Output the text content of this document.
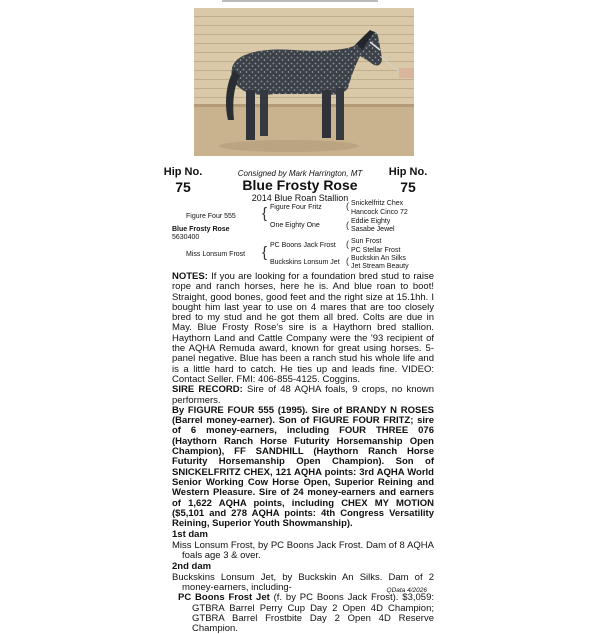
Hip No.
75
Hip No.
75
Consigned by Mark Harrington, MT
Blue Frosty Rose
2014 Blue Roan Stallion
Figure Four 555
Blue Frosty Rose
5630400
Miss Lonsum Frost
{
{
Figure Four Fritz
One Eighty One
PC Boons Jack Frost
Buckskins Lonsum Jet
(
(
(
(
Snickelfritz Chex
Hancock Cinco 72
Eddie Eighty
Sasabe Jewel
Sun Frost
PC Stellar Frost
Buckskin An Silks
Jet Stream Beauty

NOTES: If you are looking for a foundation bred stud to raise rope and ranch horses, here he is. And blue roan to boot! Straight, good bones, good feet and the right size at 15.1hh. I bought him last year to use on 4 mares that are too closely bred to my stud and he got them all bred. Colts are due in May. Blue Frosty Rose's sire is a Haythorn bred stallion. Haythorn Land and Cattle Company were the '93 recipient of the AQHA Remuda award, known for great using horses. 5-panel negative. Blue has been a ranch stud his whole life and is a little hard to catch. He ties up and leads fine. VIDEO: Contact Seller. FMI: 406-855-4125. Coggins.

SIRE RECORD: Sire of 48 AQHA foals, 9 crops, no known performers.

By FIGURE FOUR 555 (1995). Sire of BRANDY N ROSES (Barrel money-earner). Son of FIGURE FOUR FRITZ; sire of 6 money-earners, including FOUR THREE 076 (Haythorn Ranch Horse Futurity Horsemanship Open Champion), FF SANDHILL (Haythorn Ranch Horse Futurity Horsemanship Open Champion). Son of SNICKELFRITZ CHEX, 121 AQHA points: 3rd AQHA World Senior Working Cow Horse Open, Superior Reining and Western Pleasure. Sire of 24 money-earners and earners of 1,622 AQHA points, including CHEX MY MOTION ($5,101 and 278 AQHA points: 4th Congress Versatility Reining, Superior Youth Showmanship).

1st dam

Miss Lonsum Frost, by PC Boons Jack Frost. Dam of 8 AQHA foals age 3 & over.

2nd dam

Buckskins Lonsum Jet, by Buckskin An Silks. Dam of 2 money-earners, including-

PC Boons Frost Jet (f. by PC Boons Jack Frost). $3,059: GTBRA Barrel Perry Cup Day 2 Open 4D Champion; GTBRA Barrel Frostbite Day 2 Open 4D Reserve Champion.

QData 4/2026
